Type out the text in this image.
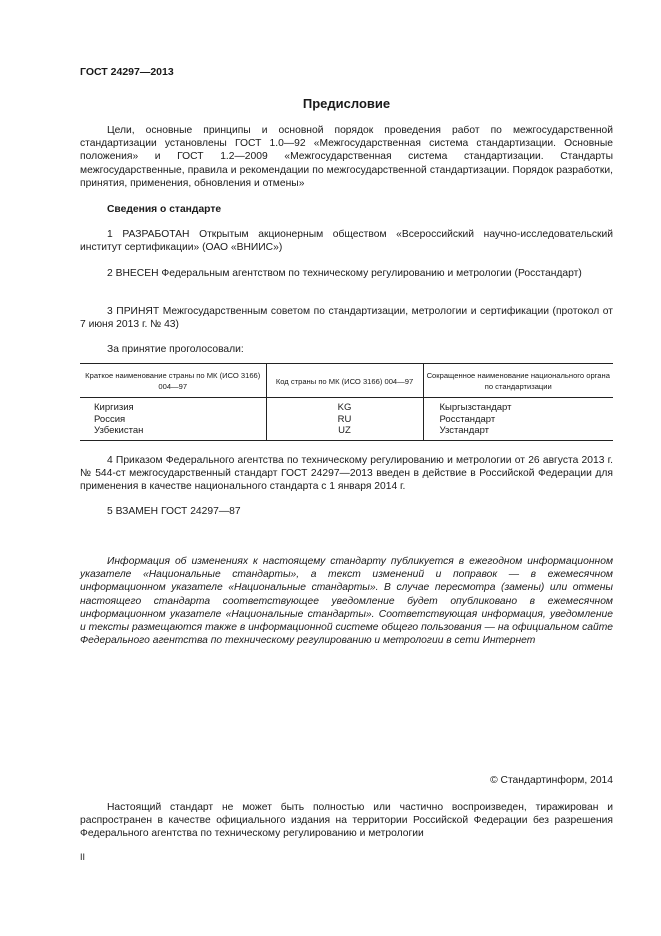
ГОСТ 24297—2013
Предисловие
Цели, основные принципы и основной порядок проведения работ по межгосударственной стандартизации установлены ГОСТ 1.0—92 «Межгосударственная система стандартизации. Основные положения» и ГОСТ 1.2—2009 «Межгосударственная система стандартизации. Стандарты межгосударственные, правила и рекомендации по межгосударственной стандартизации. Порядок разработки, принятия, применения, обновления и отмены»
Сведения о стандарте
1 РАЗРАБОТАН Открытым акционерным обществом «Всероссийский научно-исследовательский институт сертификации» (ОАО «ВНИИС»)
2 ВНЕСЕН Федеральным агентством по техническому регулированию и метрологии (Росстандарт)
3 ПРИНЯТ Межгосударственным советом по стандартизации, метрологии и сертификации (протокол от 7 июня 2013 г. № 43)
За принятие проголосовали:
Краткое наименование страны по МК (ИСО 3166) 004—97	Код страны по МК (ИСО 3166) 004—97	Сокращенное наименование национального органа по стандартизации
Киргизия	KG	Кыргызстандарт
Россия	RU	Росстандарт
Узбекистан	UZ	Узстандарт
4 Приказом Федерального агентства по техническому регулированию и метрологии от 26 августа 2013 г. № 544-ст межгосударственный стандарт ГОСТ 24297—2013 введен в действие в Российской Федерации для применения в качестве национального стандарта с 1 января 2014 г.
5 ВЗАМЕН ГОСТ 24297—87
Информация об изменениях к настоящему стандарту публикуется в ежегодном информационном указателе «Национальные стандарты», а текст изменений и поправок — в ежемесячном информационном указателе «Национальные стандарты». В случае пересмотра (замены) или отмены настоящего стандарта соответствующее уведомление будет опубликовано в ежемесячном информационном указателе «Национальные стандарты». Соответствующая информация, уведомление и тексты размещаются также в информационной системе общего пользования — на официальном сайте Федерального агентства по техническому регулированию и метрологии в сети Интернет
© Стандартинформ, 2014
Настоящий стандарт не может быть полностью или частично воспроизведен, тиражирован и распространен в качестве официального издания на территории Российской Федерации без разрешения Федерального агентства по техническому регулированию и метрологии
II
